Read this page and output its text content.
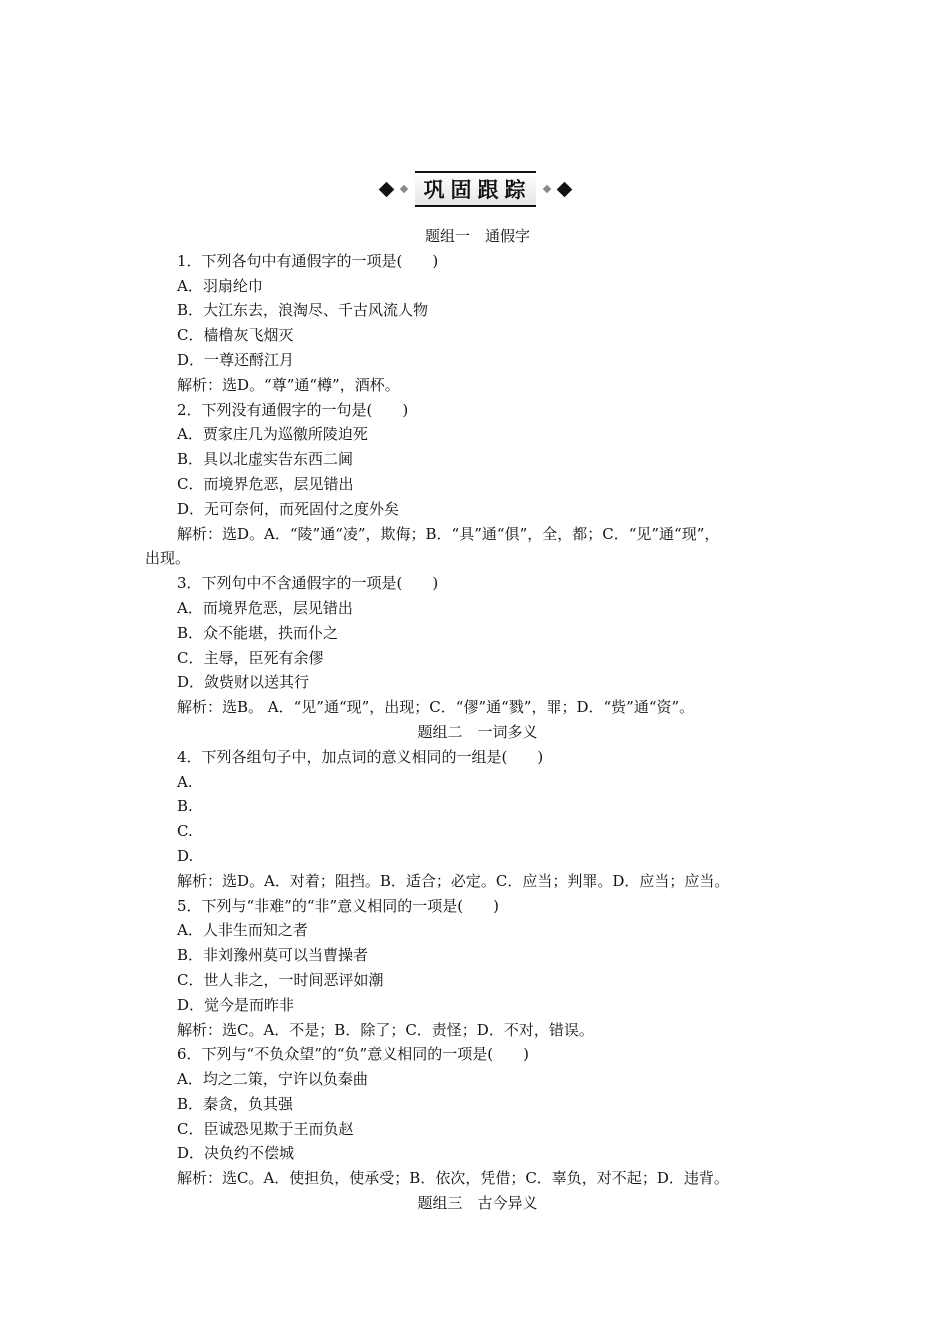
巩固跟踪
题组一　通假字
1．下列各句中有通假字的一项是(　　)
A．羽扇纶巾
B．大江东去，浪淘尽、千古风流人物
C．樯橹灰飞烟灭
D．一尊还酹江月
解析：选D。“尊”通“樽”，酒杯。
2．下列没有通假字的一句是(　　)
A．贾家庄几为巡徼所陵迫死
B．具以北虚实告东西二阃
C．而境界危恶，层见错出
D．无可奈何，而死固付之度外矣
解析：选D。A．“陵”通“凌”，欺侮；B．“具”通“俱”，全，都；C．“见”通“现”，
出现。
3．下列句中不含通假字的一项是(　　)
A．而境界危恶，层见错出
B．众不能堪，抶而仆之
C．主辱，臣死有余僇
D．敛赀财以送其行
解析：选B。 A．“见”通“现”，出现；C．“僇”通“戮”，罪；D．“赀”通“资”。
题组二　一词多义
4．下列各组句子中，加点词的意义相同的一组是(　　)
A.
B.
C.
D.
解析：选D。A．对着；阻挡。B．适合；必定。C．应当；判罪。D．应当；应当。
5．下列与“非难”的“非”意义相同的一项是(　　)
A．人非生而知之者
B．非刘豫州莫可以当曹操者
C．世人非之，一时间恶评如潮
D．觉今是而昨非
解析：选C。A．不是；B．除了；C．责怪；D．不对，错误。
6．下列与“不负众望”的“负”意义相同的一项是(　　)
A．均之二策，宁许以负秦曲
B．秦贪，负其强
C．臣诚恐见欺于王而负赵
D．决负约不偿城
解析：选C。A．使担负，使承受；B．依次，凭借；C．辜负，对不起；D．违背。
题组三　古今异义
